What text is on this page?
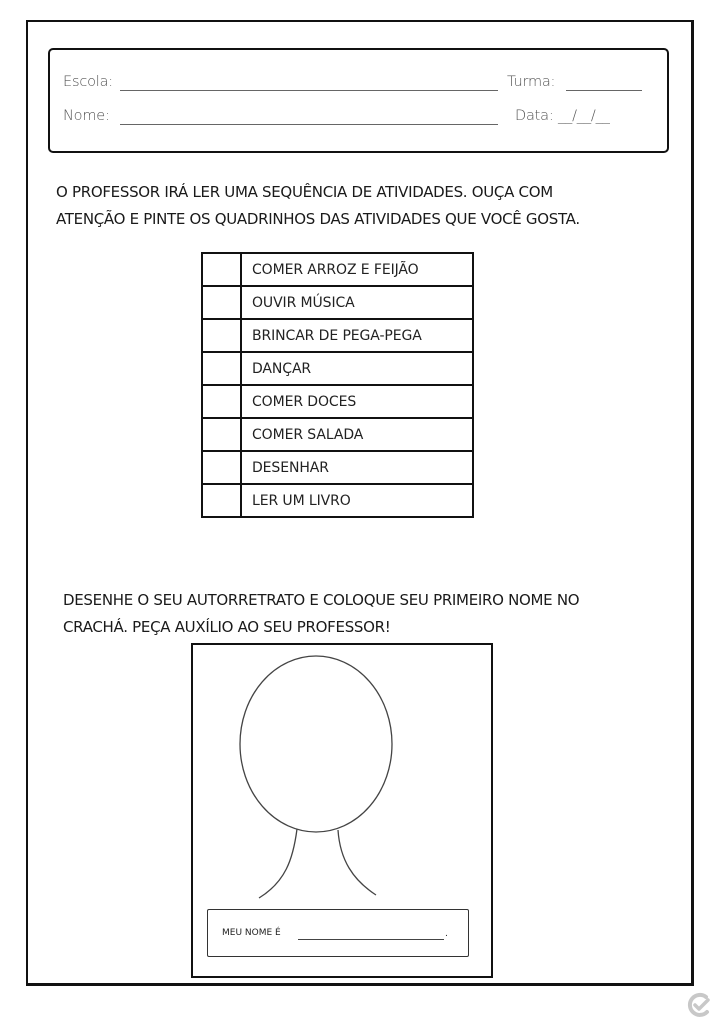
Escola:	Turma:
Nome:	Data: __/__/__
O PROFESSOR IRÁ LER UMA SEQUÊNCIA DE ATIVIDADES. OUÇA COM
ATENÇÃO E PINTE OS QUADRINHOS DAS ATIVIDADES QUE VOCÊ GOSTA.
	COMER ARROZ E FEIJÃO
	OUVIR MÚSICA
	BRINCAR DE PEGA-PEGA
	DANÇAR
	COMER DOCES
	COMER SALADA
	DESENHAR
	LER UM LIVRO
DESENHE O SEU AUTORRETRATO E COLOQUE SEU PRIMEIRO NOME NO
CRACHÁ. PEÇA AUXÍLIO AO SEU PROFESSOR!
MEU NOME É	.
